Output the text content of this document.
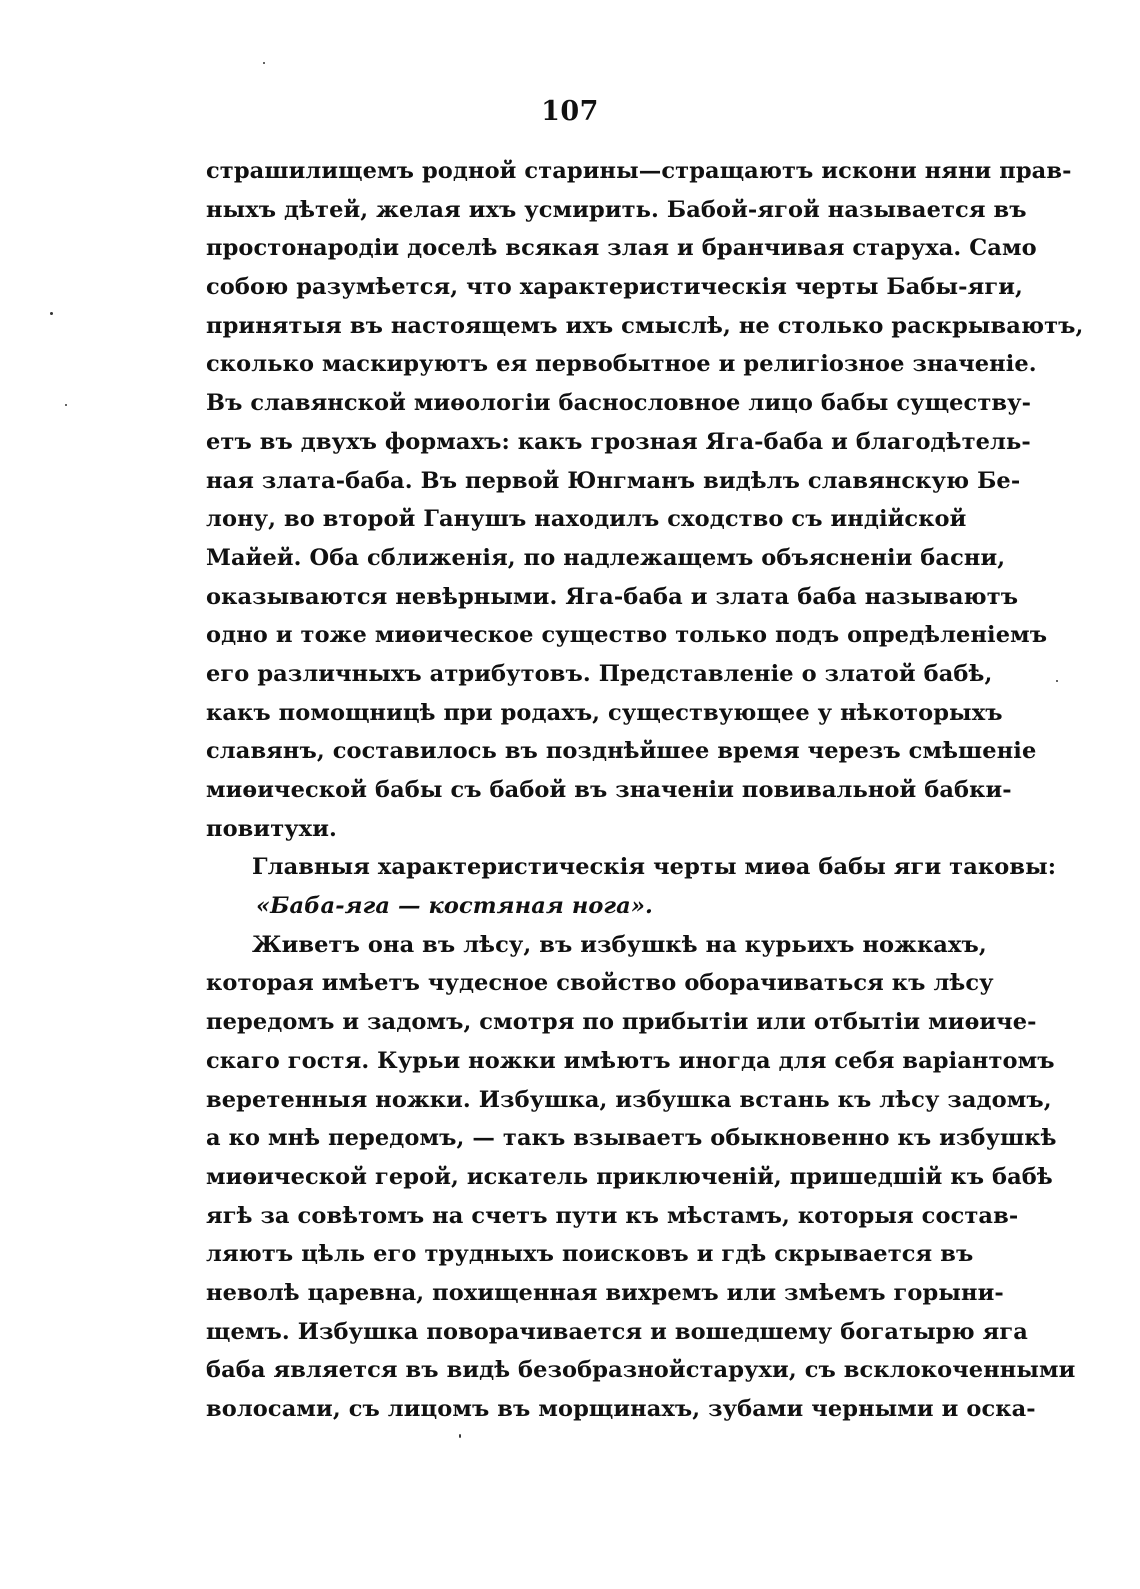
107
страшилищемъ родной старины—стращаютъ искони няни прав-
ныхъ дѣтей, желая ихъ усмирить. Бабой-ягой называется въ
простонародіи доселѣ всякая злая и бранчивая старуха. Само
собою разумѣется, что характеристическія черты Бабы-яги,
принятыя въ настоящемъ ихъ смыслѣ, не столько раскрываютъ,
сколько маскируютъ ея первобытное и религіозное значеніе.
Въ славянской миѳологіи баснословное лицо бабы существу-
етъ въ двухъ формахъ: какъ грозная Яга-баба и благодѣтель-
ная злата-баба. Въ первой Юнгманъ видѣлъ славянскую Бе-
лону, во второй Ганушъ находилъ сходство съ индійской
Майей. Оба сближенія, по надлежащемъ объясненіи басни,
оказываются невѣрными. Яга-баба и злата баба называютъ
одно и тоже миѳическое существо только подъ опредѣленіемъ
его различныхъ атрибутовъ. Представленіе о златой бабѣ,
какъ помощницѣ при родахъ, существующее у нѣкоторыхъ
славянъ, составилось въ позднѣйшее время черезъ смѣшеніе
миѳической бабы съ бабой въ значеніи повивальной бабки-
повитухи.
Главныя характеристическія черты миѳа бабы яги таковы:
«Баба-яга — костяная нога».
Живетъ она въ лѣсу, въ избушкѣ на курьихъ ножкахъ,
которая имѣетъ чудесное свойство оборачиваться къ лѣсу
передомъ и задомъ, смотря по прибытіи или отбытіи миѳиче-
скаго гостя. Курьи ножки имѣютъ иногда для себя варіантомъ
веретенныя ножки. Избушка, избушка встань къ лѣсу задомъ,
а ко мнѣ передомъ, — такъ взываетъ обыкновенно къ избушкѣ
миѳической герой, искатель приключеній, пришедшій къ бабѣ
ягѣ за совѣтомъ на счетъ пути къ мѣстамъ, которыя состав-
ляютъ цѣль его трудныхъ поисковъ и гдѣ скрывается въ
неволѣ царевна, похищенная вихремъ или змѣемъ горыни-
щемъ. Избушка поворачивается и вошедшему богатырю яга
баба является въ видѣ безобразнойстарухи, съ всклокоченными
волосами, съ лицомъ въ морщинахъ, зубами черными и оска-
